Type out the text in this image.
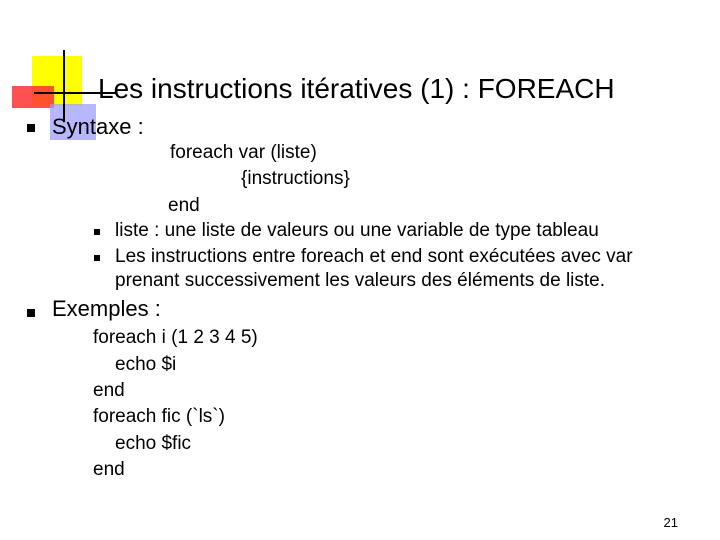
Les instructions itératives (1) : FOREACH
Syntaxe :
foreach var (liste)
{instructions}
end
liste : une liste de valeurs ou une variable de type tableau
Les instructions entre foreach et end sont exécutées avec var
prenant successivement les valeurs des éléments de liste.
Exemples :
foreach i (1 2 3 4 5)
echo $i
end
foreach fic (`ls`)
echo $fic
end
21
